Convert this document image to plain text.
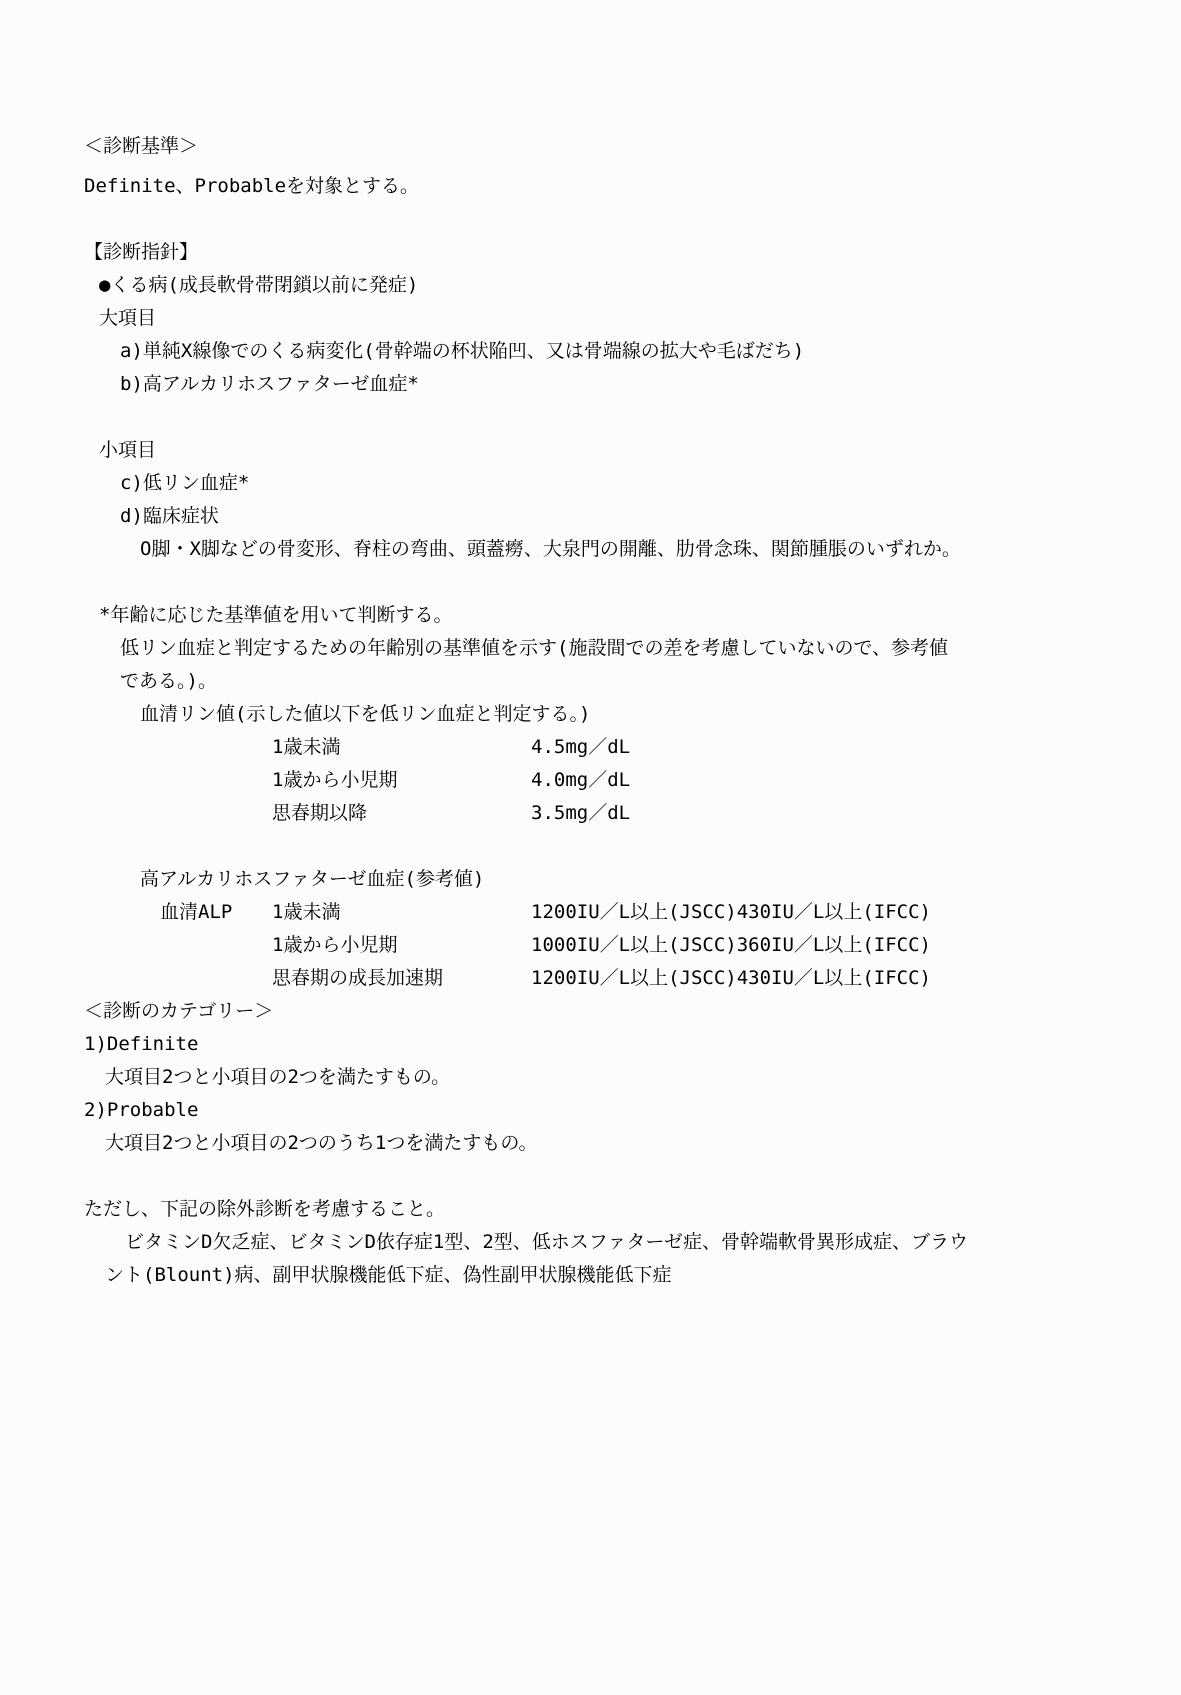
＜診断基準＞
Definite、Probableを対象とする。
【診断指針】
●くる病(成長軟骨帯閉鎖以前に発症)
大項目
a)単純X線像でのくる病変化(骨幹端の杯状陥凹、又は骨端線の拡大や毛ばだち)
b)高アルカリホスファターゼ血症*
小項目
c)低リン血症*
d)臨床症状
O脚・X脚などの骨変形、脊柱の弯曲、頭蓋癆、大泉門の開離、肋骨念珠、関節腫脹のいずれか。
*年齢に応じた基準値を用いて判断する。
低リン血症と判定するための年齢別の基準値を示す(施設間での差を考慮していないので、参考値
である。)。
血清リン値(示した値以下を低リン血症と判定する。)
1歳未満	4.5mg／dL
1歳から小児期	4.0mg／dL
思春期以降	3.5mg／dL
高アルカリホスファターゼ血症(参考値)
血清ALP	1歳未満	1200IU／L以上(JSCC)430IU／L以上(IFCC)
1歳から小児期	1000IU／L以上(JSCC)360IU／L以上(IFCC)
思春期の成長加速期	1200IU／L以上(JSCC)430IU／L以上(IFCC)
＜診断のカテゴリー＞
1)Definite
大項目2つと小項目の2つを満たすもの。
2)Probable
大項目2つと小項目の2つのうち1つを満たすもの。
ただし、下記の除外診断を考慮すること。
ビタミンD欠乏症、ビタミンD依存症1型、2型、低ホスファターゼ症、骨幹端軟骨異形成症、ブラウ
ント(Blount)病、副甲状腺機能低下症、偽性副甲状腺機能低下症
